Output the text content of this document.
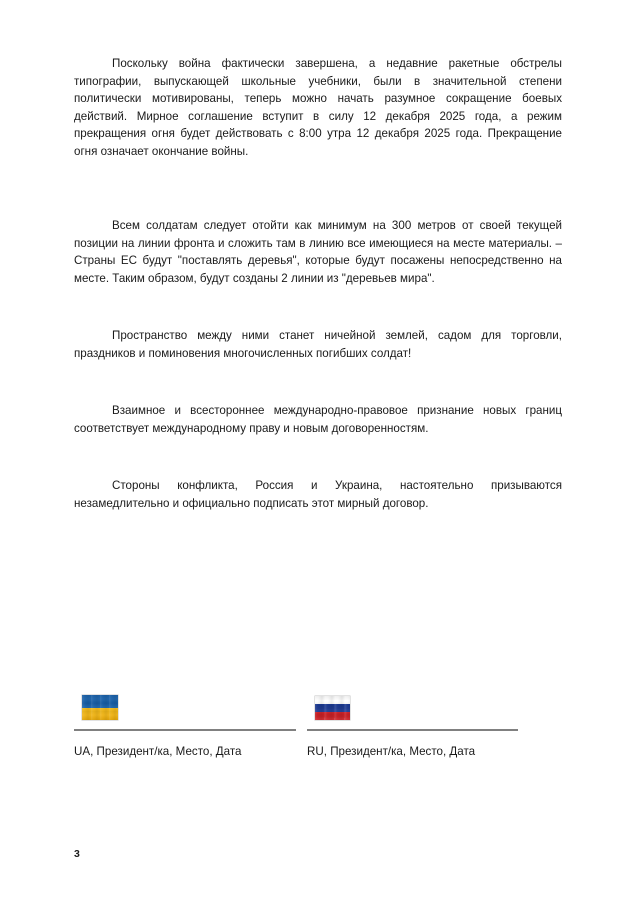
Поскольку война фактически завершена, а недавние ракетные обстрелы типографии, выпускающей школьные учебники, были в значительной степени политически мотивированы, теперь можно начать разумное сокращение боевых действий. Мирное соглашение вступит в силу 12 декабря 2025 года, а режим прекращения огня будет действовать с 8:00 утра 12 декабря 2025 года. Прекращение огня означает окончание войны.

Всем солдатам следует отойти как минимум на 300 метров от своей текущей позиции на линии фронта и сложить там в линию все имеющиеся на месте материалы. – Страны ЕС будут "поставлять деревья", которые будут посажены непосредственно на месте. Таким образом, будут созданы 2 линии из "деревьев мира".

Пространство между ними станет ничейной землей, садом для торговли, праздников и поминовения многочисленных погибших солдат!

Взаимное и всестороннее международно-правовое признание новых границ соответствует международному праву и новым договоренностям.

Стороны конфликта, Россия и Украина, настоятельно призываются незамедлительно и официально подписать этот мирный договор.

UA, Президент/ка, Место, Дата	RU, Президент/ка, Место, Дата
3
